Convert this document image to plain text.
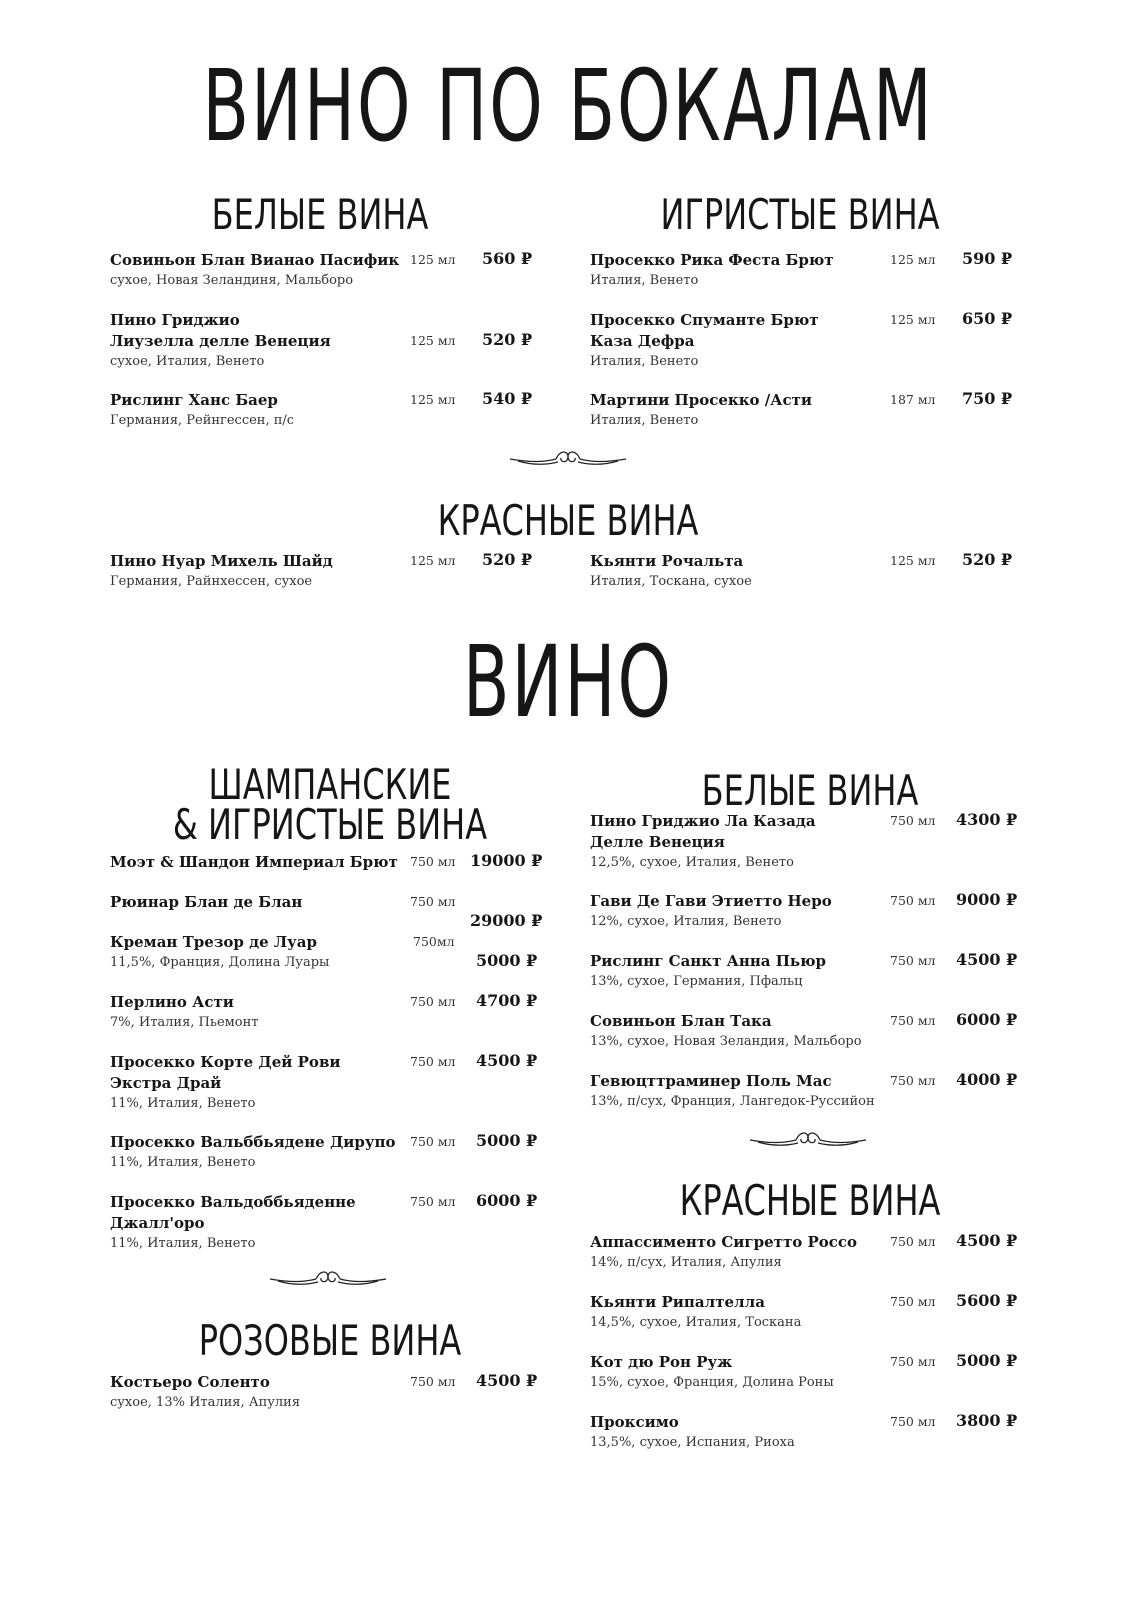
ВИНО ПО БОКАЛАМ
БЕЛЫЕ ВИНА	ИГРИСТЫЕ ВИНА
Совиньон Блан Вианао Пасифик
сухое, Новая Зеландиня, Мальборо
125 мл 560 ₽
Пино Гриджио
Лиузелла делле Венеция
сухое, Италия, Венето
125 мл 520 ₽
Рислинг Ханс Баер
Германия, Рейнгессен, п/с
125 мл 540 ₽
Просекко Рика Феста Брют
Италия, Венето
125 мл 590 ₽
Просекко Спуманте Брют
Каза Дефра
Италия, Венето
125 мл 650 ₽
Мартини Просекко /Асти
Италия, Венето
187 мл 750 ₽
КРАСНЫЕ ВИНА
Пино Нуар Михель Шайд
Германия, Райнхессен, сухое
125 мл 520 ₽	Кьянти Рочальта
Италия, Тоскана, сухое
125 мл 520 ₽
ВИНО
ШАМПАНСКИЕ
& ИГРИСТЫЕ ВИНА
БЕЛЫЕ ВИНА
Моэт & Шандон Империал Брют 750 мл 19000 ₽
Рюинар Блан де Блан	750 мл
29000 ₽
Креман Трезор де Луар
11,5%, Франция, Долина Луары
750мл
5000 ₽
Перлино Асти
7%, Италия, Пьемонт
750 мл 4700 ₽
Просекко Корте Дей Рови
Экстра Драй
11%, Италия, Венето
750 мл 4500 ₽
Просекко Вальббьядене Дирупо
11%, Италия, Венето
750 мл 5000 ₽
Просекко Вальдоббьяденне
Джалл'оро
11%, Италия, Венето
750 мл 6000 ₽
РОЗОВЫЕ ВИНА
Костьеро Соленто
сухое, 13% Италия, Апулия
750 мл 4500 ₽
Пино Гриджио Ла Казада
Делле Венеция
12,5%, сухое, Италия, Венето
750 мл 4300 ₽
Гави Де Гави Этиетто Неро
12%, сухое, Италия, Венето
750 мл 9000 ₽
Рислинг Санкт Анна Пьюр
13%, сухое, Германия, Пфальц
750 мл 4500 ₽
Совиньон Блан Така
13%, сухое, Новая Зеландия, Мальборо
750 мл 6000 ₽
Гевюцттраминер Поль Мас
13%, п/сух, Франция, Лангедок-Руссийон
750 мл 4000 ₽
КРАСНЫЕ ВИНА
Аппассименто Сигретто Россо
14%, п/сух, Италия, Апулия
750 мл 4500 ₽
Кьянти Рипалтелла
14,5%, сухое, Италия, Тоскана
750 мл 5600 ₽
Кот дю Рон Руж
15%, сухое, Франция, Долина Роны
750 мл 5000 ₽
Проксимо
13,5%, сухое, Испания, Риоха
750 мл 3800 ₽
